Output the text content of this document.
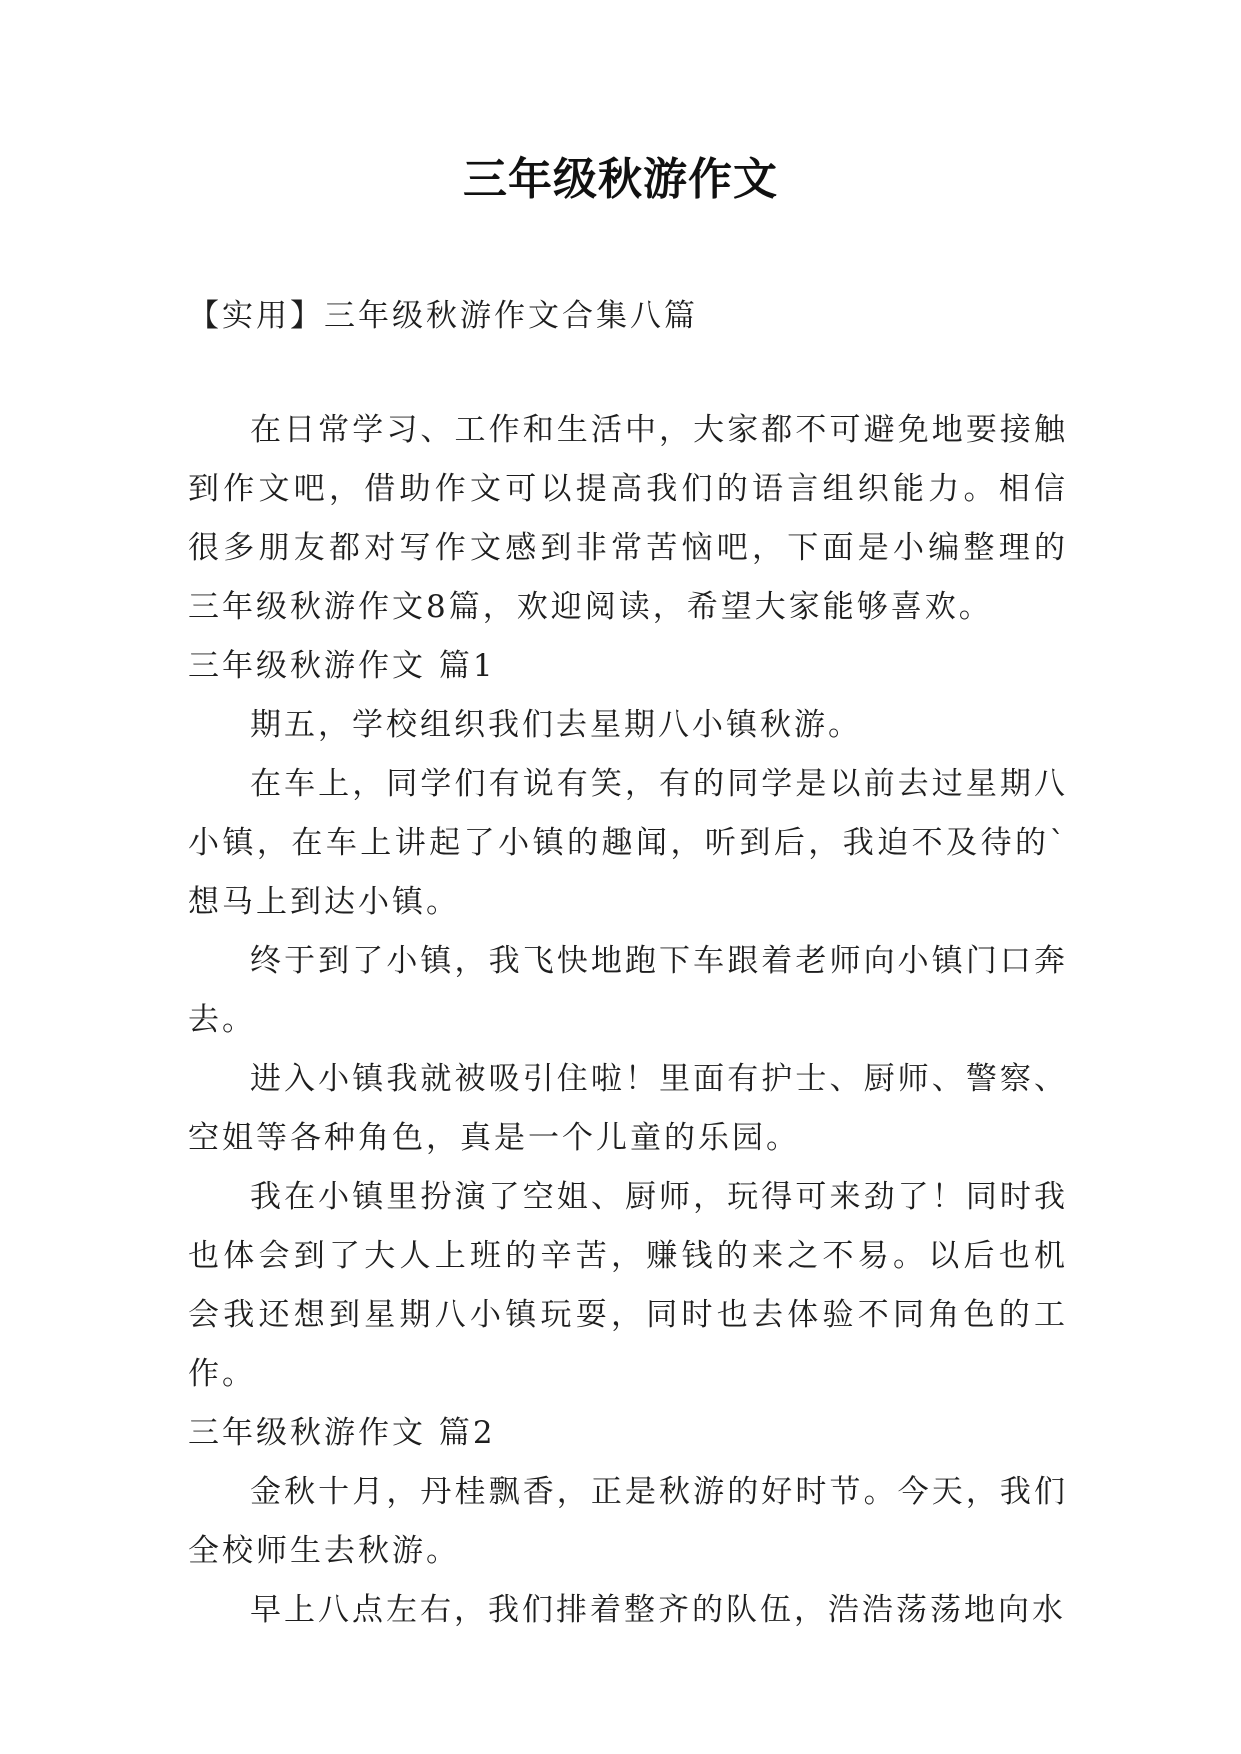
三年级秋游作文

【实用】三年级秋游作文合集八篇

在日常学习、工作和生活中，大家都不可避免地要接触到作文吧，借助作文可以提高我们的语言组织能力。相信很多朋友都对写作文感到非常苦恼吧，下面是小编整理的三年级秋游作文8篇，欢迎阅读，希望大家能够喜欢。

三年级秋游作文 篇1

期五，学校组织我们去星期八小镇秋游。

在车上，同学们有说有笑，有的同学是以前去过星期八小镇，在车上讲起了小镇的趣闻，听到后，我迫不及待的`想马上到达小镇。

终于到了小镇，我飞快地跑下车跟着老师向小镇门口奔去。

进入小镇我就被吸引住啦！里面有护士、厨师、警察、空姐等各种角色，真是一个儿童的乐园。

我在小镇里扮演了空姐、厨师，玩得可来劲了！同时我也体会到了大人上班的辛苦，赚钱的来之不易。以后也机会我还想到星期八小镇玩耍，同时也去体验不同角色的工作。

三年级秋游作文 篇2

金秋十月，丹桂飘香，正是秋游的好时节。今天，我们全校师生去秋游。

早上八点左右，我们排着整齐的队伍，浩浩荡荡地向水
